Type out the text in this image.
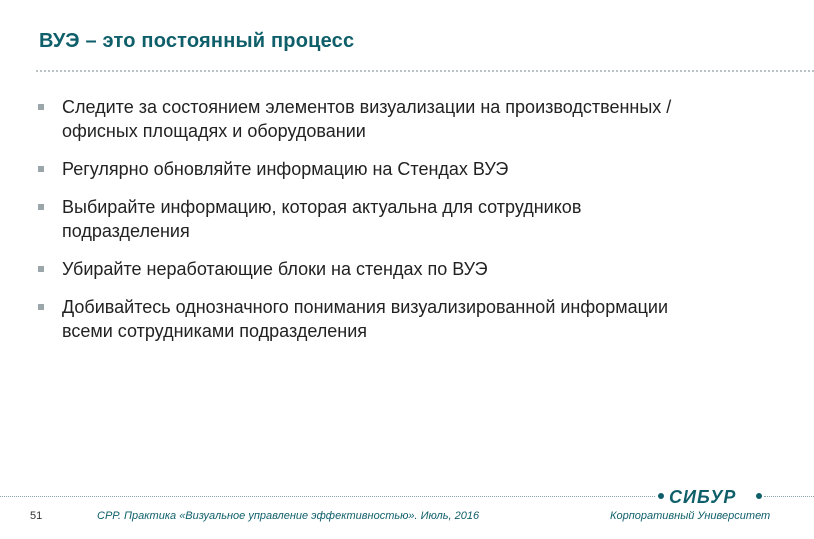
ВУЭ – это постоянный процесс
Следите за состоянием элементов визуализации на производственных /
офисных площадях и оборудовании
Регулярно обновляйте информацию на Стендах ВУЭ
Выбирайте информацию, которая актуальна для сотрудников
подразделения
Убирайте неработающие блоки на стендах по ВУЭ
Добивайтесь однозначного понимания визуализированной информации
всеми сотрудниками подразделения
СИБУР
51	СРР. Практика «Визуальное управление эффективностью». Июль, 2016	Корпоративный Университет
